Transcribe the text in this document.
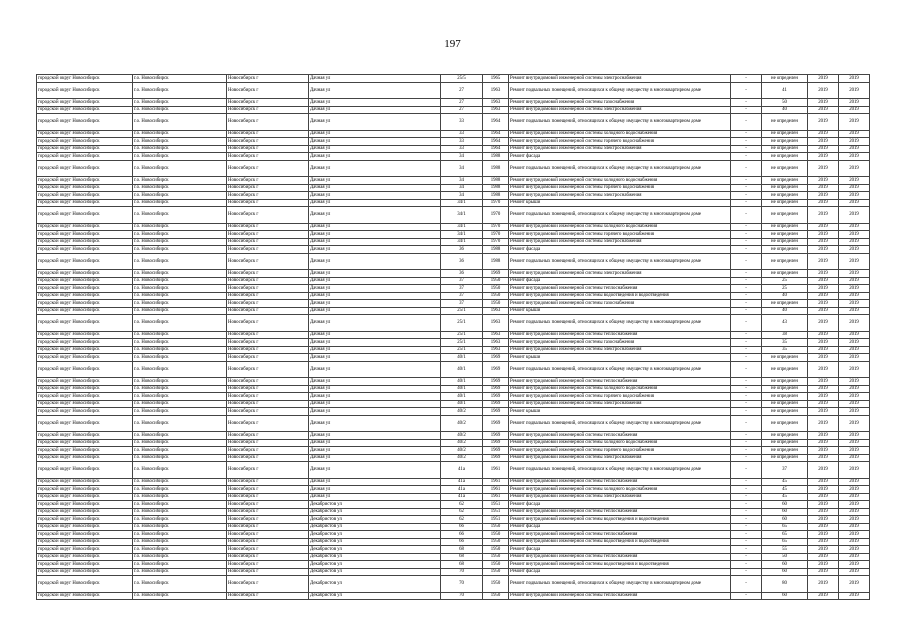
197
городской округ Новосибирск	г.о. Новосибирск	Новосибирск г	Дачная ул	25/5	1965	Ремонт внутридомовой инженерной системы электроснабжения	-	не определен	2019	2019
городской округ Новосибирск	г.о. Новосибирск	Новосибирск г	Дачная ул	27	1963	Ремонт подвальных помещений, относящихся к общему имуществу в многоквартирном доме	-	41	2019	2019
городской округ Новосибирск	г.о. Новосибирск	Новосибирск г	Дачная ул	27	1963	Ремонт внутридомовой инженерной системы газоснабжения	-	50	2019	2019
городской округ Новосибирск	г.о. Новосибирск	Новосибирск г	Дачная ул	27	1963	Ремонт внутридомовой инженерной системы электроснабжения	-	40	2019	2019
городской округ Новосибирск	г.о. Новосибирск	Новосибирск г	Дачная ул	33	1964	Ремонт подвальных помещений, относящихся к общему имуществу в многоквартирном доме	-	не определен	2019	2019
городской округ Новосибирск	г.о. Новосибирск	Новосибирск г	Дачная ул	33	1964	Ремонт внутридомовой инженерной системы холодного водоснабжения	-	не определен	2019	2019
городской округ Новосибирск	г.о. Новосибирск	Новосибирск г	Дачная ул	33	1964	Ремонт внутридомовой инженерной системы горячего водоснабжения	-	не определен	2019	2019
городской округ Новосибирск	г.о. Новосибирск	Новосибирск г	Дачная ул	33	1964	Ремонт внутридомовой инженерной системы электроснабжения	-	не определен	2019	2019
городской округ Новосибирск	г.о. Новосибирск	Новосибирск г	Дачная ул	34	1988	Ремонт фасада	-	не определен	2019	2019
городской округ Новосибирск	г.о. Новосибирск	Новосибирск г	Дачная ул	34	1988	Ремонт подвальных помещений, относящихся к общему имуществу в многоквартирном доме	-	не определен	2019	2019
городской округ Новосибирск	г.о. Новосибирск	Новосибирск г	Дачная ул	34	1988	Ремонт внутридомовой инженерной системы холодного водоснабжения	-	не определен	2019	2019
городской округ Новосибирск	г.о. Новосибирск	Новосибирск г	Дачная ул	34	1988	Ремонт внутридомовой инженерной системы горячего водоснабжения	-	не определен	2019	2019
городской округ Новосибирск	г.о. Новосибирск	Новосибирск г	Дачная ул	34	1988	Ремонт внутридомовой инженерной системы электроснабжения	-	не определен	2019	2019
городской округ Новосибирск	г.о. Новосибирск	Новосибирск г	Дачная ул	34/1	1970	Ремонт крыши	-	не определен	2019	2019
городской округ Новосибирск	г.о. Новосибирск	Новосибирск г	Дачная ул	34/1	1970	Ремонт подвальных помещений, относящихся к общему имуществу в многоквартирном доме	-	не определен	2019	2019
городской округ Новосибирск	г.о. Новосибирск	Новосибирск г	Дачная ул	34/1	1970	Ремонт внутридомовой инженерной системы холодного водоснабжения	-	не определен	2019	2019
городской округ Новосибирск	г.о. Новосибирск	Новосибирск г	Дачная ул	34/1	1970	Ремонт внутридомовой инженерной системы горячего водоснабжения	-	не определен	2019	2019
городской округ Новосибирск	г.о. Новосибирск	Новосибирск г	Дачная ул	34/1	1970	Ремонт внутридомовой инженерной системы электроснабжения	-	не определен	2019	2019
городской округ Новосибирск	г.о. Новосибирск	Новосибирск г	Дачная ул	36	1988	Ремонт фасада	-	не определен	2019	2019
городской округ Новосибирск	г.о. Новосибирск	Новосибирск г	Дачная ул	36	1988	Ремонт подвальных помещений, относящихся к общему имуществу в многоквартирном доме	-	не определен	2019	2019
городской округ Новосибирск	г.о. Новосибирск	Новосибирск г	Дачная ул	36	1969	Ремонт внутридомовой инженерной системы электроснабжения	-	не определен	2019	2019
городской округ Новосибирск	г.о. Новосибирск	Новосибирск г	Дачная ул	37	1950	Ремонт фасада	-	25	2019	2019
городской округ Новосибирск	г.о. Новосибирск	Новосибирск г	Дачная ул	37	1950	Ремонт внутридомовой инженерной системы теплоснабжения	-	25	2019	2019
городской округ Новосибирск	г.о. Новосибирск	Новосибирск г	Дачная ул	37	1950	Ремонт внутридомовой инженерной системы водоотведения и водоотведения	-	40	2019	2019
городской округ Новосибирск	г.о. Новосибирск	Новосибирск г	Дачная ул	37	1950	Ремонт внутридомовой инженерной системы газоснабжения	-	не определен	2019	2019
городской округ Новосибирск	г.о. Новосибирск	Новосибирск г	Дачная ул	25/1	1963	Ремонт крыши	-	40	2019	2019
городской округ Новосибирск	г.о. Новосибирск	Новосибирск г	Дачная ул	25/1	1963	Ремонт подвальных помещений, относящихся к общему имуществу в многоквартирном доме	-	43	2019	2019
городской округ Новосибирск	г.о. Новосибирск	Новосибирск г	Дачная ул	25/1	1963	Ремонт внутридомовой инженерной системы теплоснабжения	-	38	2019	2019
городской округ Новосибирск	г.о. Новосибирск	Новосибирск г	Дачная ул	25/1	1963	Ремонт внутридомовой инженерной системы газоснабжения	-	35	2019	2019
городской округ Новосибирск	г.о. Новосибирск	Новосибирск г	Дачная ул	25/1	1963	Ремонт внутридомовой инженерной системы электроснабжения	-	35	2019	2019
городской округ Новосибирск	г.о. Новосибирск	Новосибирск г	Дачная ул	40/1	1969	Ремонт крыши	-	не определен	2019	2019
городской округ Новосибирск	г.о. Новосибирск	Новосибирск г	Дачная ул	40/1	1969	Ремонт подвальных помещений, относящихся к общему имуществу в многоквартирном доме	-	не определен	2019	2019
городской округ Новосибирск	г.о. Новосибирск	Новосибирск г	Дачная ул	40/1	1969	Ремонт внутридомовой инженерной системы теплоснабжения	-	не определен	2019	2019
городской округ Новосибирск	г.о. Новосибирск	Новосибирск г	Дачная ул	40/1	1969	Ремонт внутридомовой инженерной системы холодного водоснабжения	-	не определен	2019	2019
городской округ Новосибирск	г.о. Новосибирск	Новосибирск г	Дачная ул	40/1	1969	Ремонт внутридомовой инженерной системы горячего водоснабжения	-	не определен	2019	2019
городской округ Новосибирск	г.о. Новосибирск	Новосибирск г	Дачная ул	40/1	1969	Ремонт внутридомовой инженерной системы электроснабжения	-	не определен	2019	2019
городской округ Новосибирск	г.о. Новосибирск	Новосибирск г	Дачная ул	40/2	1969	Ремонт крыши	-	не определен	2019	2019
городской округ Новосибирск	г.о. Новосибирск	Новосибирск г	Дачная ул	40/2	1969	Ремонт подвальных помещений, относящихся к общему имуществу в многоквартирном доме	-	не определен	2019	2019
городской округ Новосибирск	г.о. Новосибирск	Новосибирск г	Дачная ул	40/2	1969	Ремонт внутридомовой инженерной системы теплоснабжения	-	не определен	2019	2019
городской округ Новосибирск	г.о. Новосибирск	Новосибирск г	Дачная ул	40/2	1969	Ремонт внутридомовой инженерной системы холодного водоснабжения	-	не определен	2019	2019
городской округ Новосибирск	г.о. Новосибирск	Новосибирск г	Дачная ул	40/2	1969	Ремонт внутридомовой инженерной системы горячего водоснабжения	-	не определен	2019	2019
городской округ Новосибирск	г.о. Новосибирск	Новосибирск г	Дачная ул	40/2	1969	Ремонт внутридомовой инженерной системы электроснабжения	-	не определен	2019	2019
городской округ Новосибирск	г.о. Новосибирск	Новосибирск г	Дачная ул	41а	1961	Ремонт подвальных помещений, относящихся к общему имуществу в многоквартирном доме	-	37	2019	2019
городской округ Новосибирск	г.о. Новосибирск	Новосибирск г	Дачная ул	41а	1961	Ремонт внутридомовой инженерной системы теплоснабжения	-	45	2019	2019
городской округ Новосибирск	г.о. Новосибирск	Новосибирск г	Дачная ул	41а	1961	Ремонт внутридомовой инженерной системы холодного водоснабжения	-	45	2019	2019
городской округ Новосибирск	г.о. Новосибирск	Новосибирск г	Дачная ул	41а	1961	Ремонт внутридомовой инженерной системы электроснабжения	-	45	2019	2019
городской округ Новосибирск	г.о. Новосибирск	Новосибирск г	Декабристов ул	62	1951	Ремонт фасада	-	60	2019	2019
городской округ Новосибирск	г.о. Новосибирск	Новосибирск г	Декабристов ул	62	1951	Ремонт внутридомовой инженерной системы теплоснабжения	-	60	2019	2019
городской округ Новосибирск	г.о. Новосибирск	Новосибирск г	Декабристов ул	62	1951	Ремонт внутридомовой инженерной системы водоотведения и водоотведения	-	60	2019	2019
городской округ Новосибирск	г.о. Новосибирск	Новосибирск г	Декабристов ул	66	1950	Ремонт фасада	-	65	2019	2019
городской округ Новосибирск	г.о. Новосибирск	Новосибирск г	Декабристов ул	66	1950	Ремонт внутридомовой инженерной системы теплоснабжения	-	65	2019	2019
городской округ Новосибирск	г.о. Новосибирск	Новосибирск г	Декабристов ул	66	1950	Ремонт внутридомовой инженерной системы водоотведения и водоотведения	-	65	2019	2019
городской округ Новосибирск	г.о. Новосибирск	Новосибирск г	Декабристов ул	68	1950	Ремонт фасада	-	55	2019	2019
городской округ Новосибирск	г.о. Новосибирск	Новосибирск г	Декабристов ул	68	1950	Ремонт внутридомовой инженерной системы теплоснабжения	-	50	2019	2019
городской округ Новосибирск	г.о. Новосибирск	Новосибирск г	Декабристов ул	68	1950	Ремонт внутридомовой инженерной системы водоотведения и водоотведения	-	60	2019	2019
городской округ Новосибирск	г.о. Новосибирск	Новосибирск г	Декабристов ул	70	1950	Ремонт фасада	-	60	2019	2019
городской округ Новосибирск	г.о. Новосибирск	Новосибирск г	Декабристов ул	70	1950	Ремонт подвальных помещений, относящихся к общему имуществу в многоквартирном доме	-	80	2019	2019
городской округ Новосибирск	г.о. Новосибирск	Новосибирск г	Декабристов ул	70	1950	Ремонт внутридомовой инженерной системы теплоснабжения	-	60	2019	2019
